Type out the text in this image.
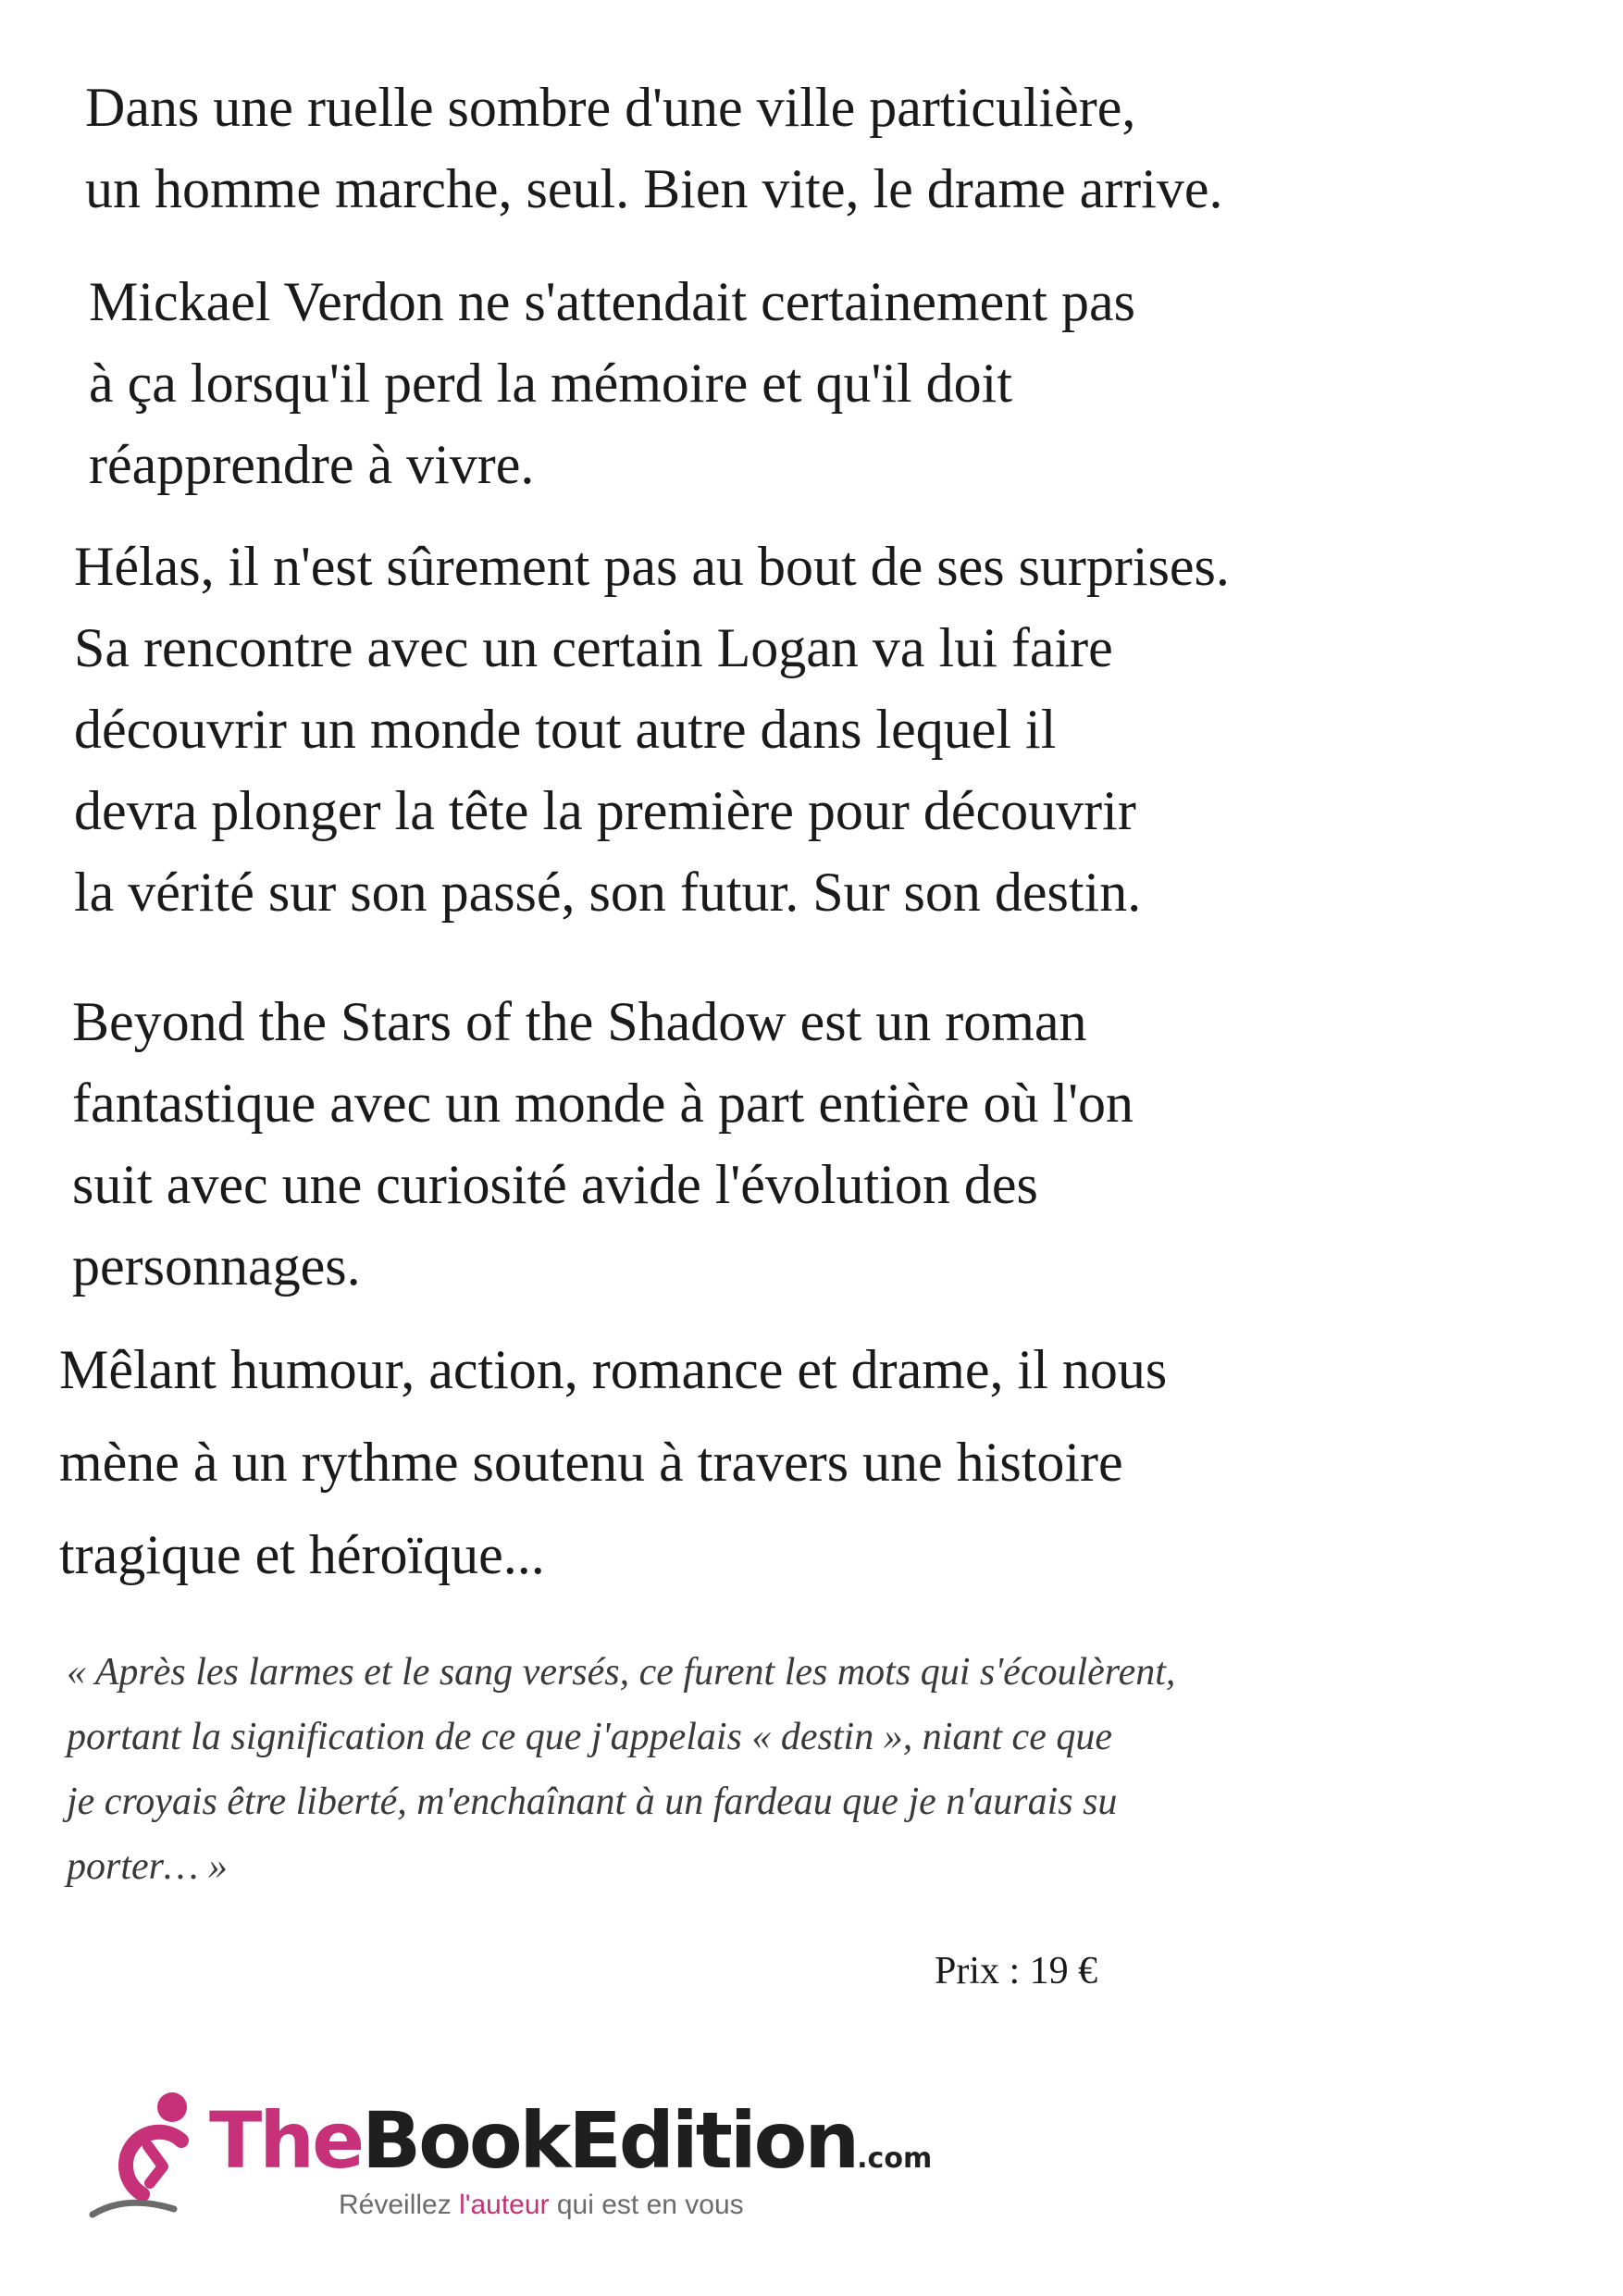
Dans une ruelle sombre d'une ville particulière,
un homme marche, seul. Bien vite, le drame arrive.

Mickael Verdon ne s'attendait certainement pas
à ça lorsqu'il perd la mémoire et qu'il doit
réapprendre à vivre.

Hélas, il n'est sûrement pas au bout de ses surprises.
Sa rencontre avec un certain Logan va lui faire
découvrir un monde tout autre dans lequel il
devra plonger la tête la première pour découvrir
la vérité sur son passé, son futur. Sur son destin.

Beyond the Stars of the Shadow est un roman
fantastique avec un monde à part entière où l'on
suit avec une curiosité avide l'évolution des
personnages.

Mêlant humour, action, romance et drame, il nous
mène à un rythme soutenu à travers une histoire
tragique et héroïque...

« Après les larmes et le sang versés, ce furent les mots qui s'écoulèrent,
portant la signification de ce que j'appelais « destin », niant ce que
je croyais être liberté, m'enchaînant à un fardeau que je n'aurais su
porter… »

Prix : 19 €
TheBookEdition.com
Réveillez l'auteur qui est en vous
